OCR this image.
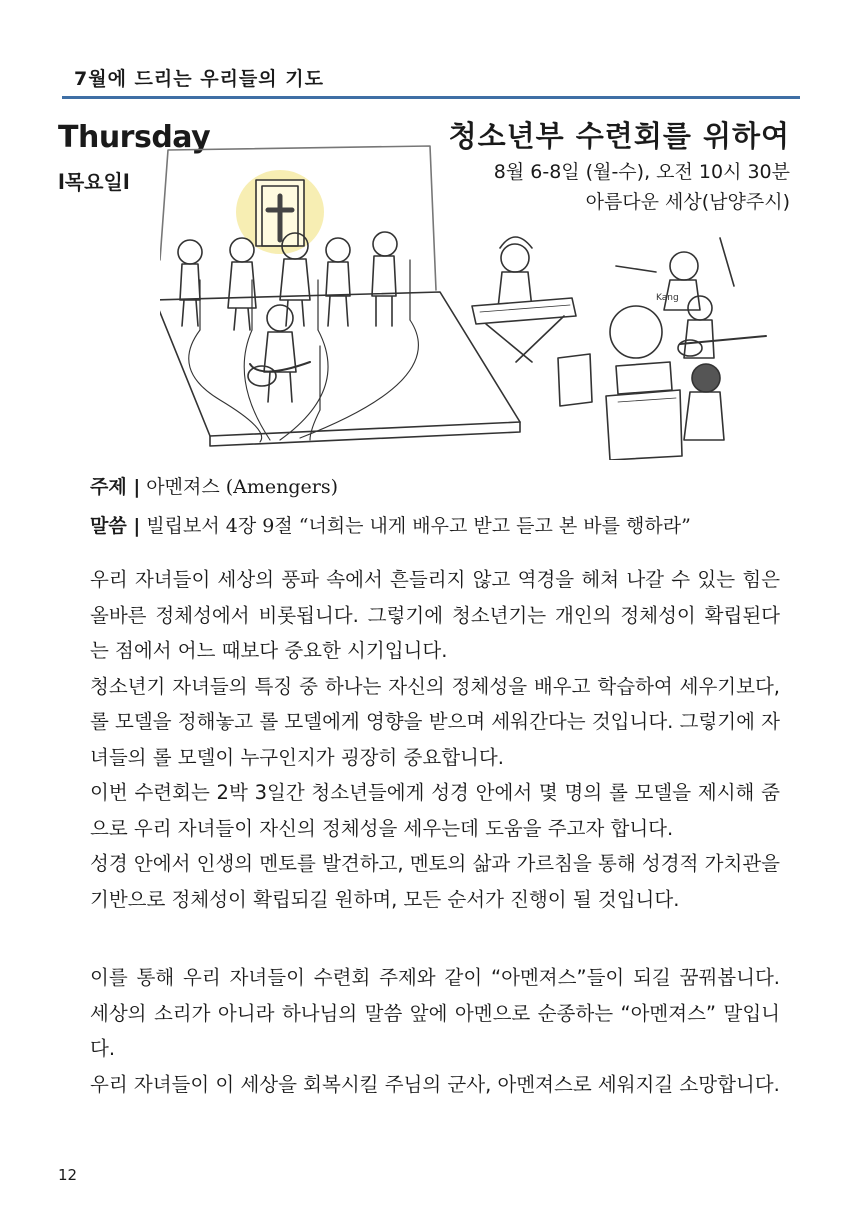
7월에 드리는 우리들의 기도
Thursday
l목요일l
청소년부 수련회를 위하여
8월 6-8일 (월-수), 오전 10시 30분
아름다운 세상(남양주시)
Kang
주제 | 아멘져스 (Amengers)
말씀 | 빌립보서 4장 9절 “너희는 내게 배우고 받고 듣고 본 바를 행하라”

우리 자녀들이 세상의 풍파 속에서 흔들리지 않고 역경을 헤쳐 나갈 수 있는 힘은 올바른 정체성에서 비롯됩니다. 그렇기에 청소년기는 개인의 정체성이 확립된다는 점에서 어느 때보다 중요한 시기입니다.

청소년기 자녀들의 특징 중 하나는 자신의 정체성을 배우고 학습하여 세우기보다, 롤 모델을 정해놓고 롤 모델에게 영향을 받으며 세워간다는 것입니다. 그렇기에 자녀들의 롤 모델이 누구인지가 굉장히 중요합니다.

이번 수련회는 2박 3일간 청소년들에게 성경 안에서 몇 명의 롤 모델을 제시해 줌으로 우리 자녀들이 자신의 정체성을 세우는데 도움을 주고자 합니다.

성경 안에서 인생의 멘토를 발견하고, 멘토의 삶과 가르침을 통해 성경적 가치관을 기반으로 정체성이 확립되길 원하며, 모든 순서가 진행이 될 것입니다.

이를 통해 우리 자녀들이 수련회 주제와 같이 “아멘져스”들이 되길 꿈꿔봅니다. 세상의 소리가 아니라 하나님의 말씀 앞에 아멘으로 순종하는 “아멘져스” 말입니다.

우리 자녀들이 이 세상을 회복시킬 주님의 군사, 아멘져스로 세워지길 소망합니다.

12
